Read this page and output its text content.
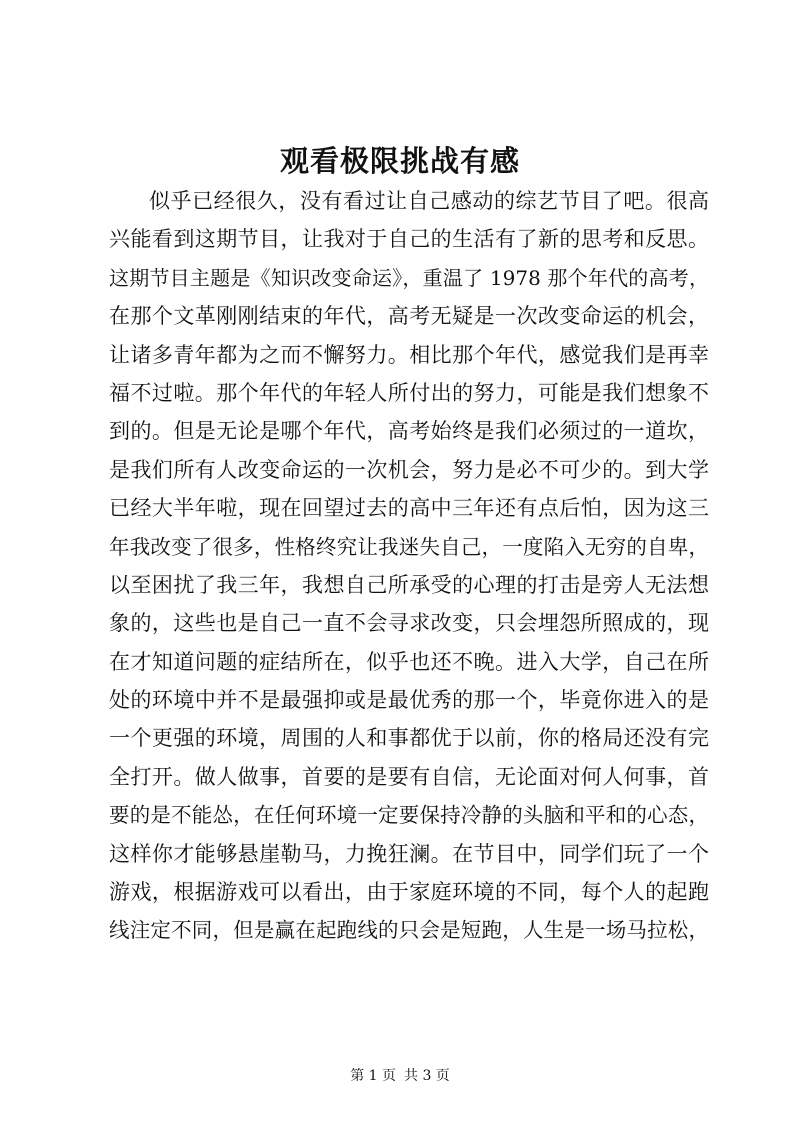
观看极限挑战有感
似乎已经很久，没有看过让自己感动的综艺节目了吧。很高
兴能看到这期节目，让我对于自己的生活有了新的思考和反思。
这期节目主题是《知识改变命运》，重温了 1978 那个年代的高考，
在那个文革刚刚结束的年代，高考无疑是一次改变命运的机会，
让诸多青年都为之而不懈努力。相比那个年代，感觉我们是再幸
福不过啦。那个年代的年轻人所付出的努力，可能是我们想象不
到的。但是无论是哪个年代，高考始终是我们必须过的一道坎，
是我们所有人改变命运的一次机会，努力是必不可少的。到大学
已经大半年啦，现在回望过去的高中三年还有点后怕，因为这三
年我改变了很多，性格终究让我迷失自己，一度陷入无穷的自卑，
以至困扰了我三年，我想自己所承受的心理的打击是旁人无法想
象的，这些也是自己一直不会寻求改变，只会埋怨所照成的，现
在才知道问题的症结所在，似乎也还不晚。进入大学，自己在所
处的环境中并不是最强抑或是最优秀的那一个，毕竟你进入的是
一个更强的环境，周围的人和事都优于以前，你的格局还没有完
全打开。做人做事，首要的是要有自信，无论面对何人何事，首
要的是不能怂，在任何环境一定要保持冷静的头脑和平和的心态，
这样你才能够悬崖勒马，力挽狂澜。在节目中，同学们玩了一个
游戏，根据游戏可以看出，由于家庭环境的不同，每个人的起跑
线注定不同，但是赢在起跑线的只会是短跑，人生是一场马拉松，
第 1 页 共 3 页
